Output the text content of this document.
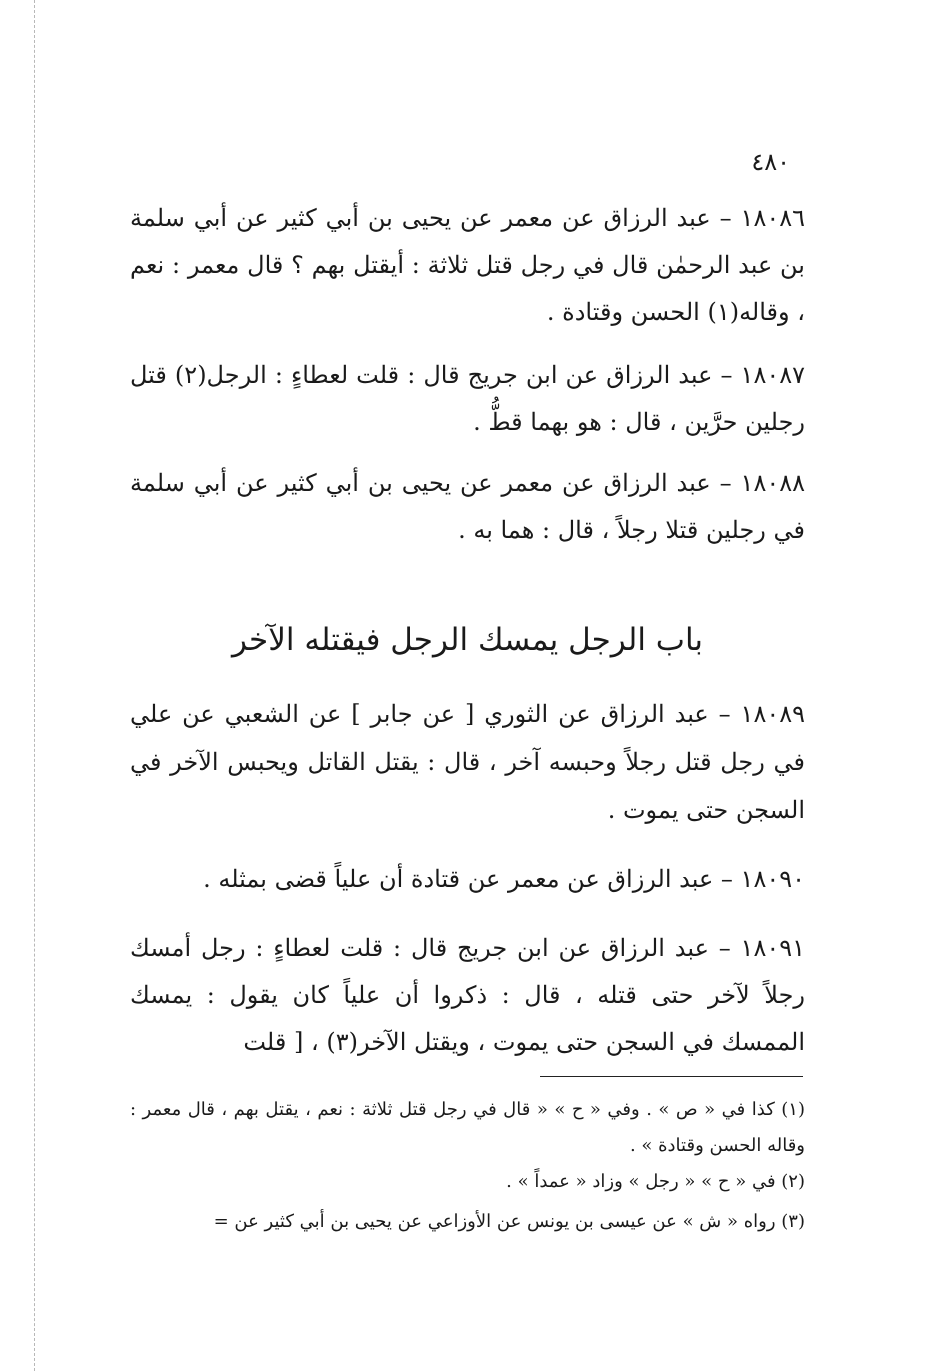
٤٨٠

١٨٠٨٦ – عبد الرزاق عن معمر عن يحيى بن أبي كثير عن أبي سلمة بن عبد الرحمٰن قال في رجل قتل ثلاثة : أيقتل بهم ؟ قال معمر : نعم ، وقاله(١) الحسن وقتادة .

١٨٠٨٧ – عبد الرزاق عن ابن جريج قال : قلت لعطاءٍ : الرجل(٢) قتل رجلين حرَّين ، قال : هو بهما قطُّ .

١٨٠٨٨ – عبد الرزاق عن معمر عن يحيى بن أبي كثير عن أبي سلمة في رجلين قتلا رجلاً ، قال : هما به .

باب الرجل يمسك الرجل فيقتله الآخر

١٨٠٨٩ – عبد الرزاق عن الثوري [ عن جابر ] عن الشعبي عن علي في رجل قتل رجلاً وحبسه آخر ، قال : يقتل القاتل ويحبس الآخر في السجن حتى يموت .

١٨٠٩٠ – عبد الرزاق عن معمر عن قتادة أن علياً قضى بمثله .

١٨٠٩١ – عبد الرزاق عن ابن جريج قال : قلت لعطاءٍ : رجل أمسك رجلاً لآخر حتى قتله ، قال : ذكروا أن علياً كان يقول : يمسك الممسك في السجن حتى يموت ، ويقتل الآخر(٣) ، [ قلت

(١) كذا في « ص » . وفي « ح » « قال في رجل قتل ثلاثة : نعم ، يقتل بهم ، قال معمر : وقاله الحسن وقتادة » .

(٢) في « ح » « رجل » وزاد « عمداً » .

(٣) رواه « ش » عن عيسى بن يونس عن الأوزاعي عن يحيى بن أبي كثير عن =
